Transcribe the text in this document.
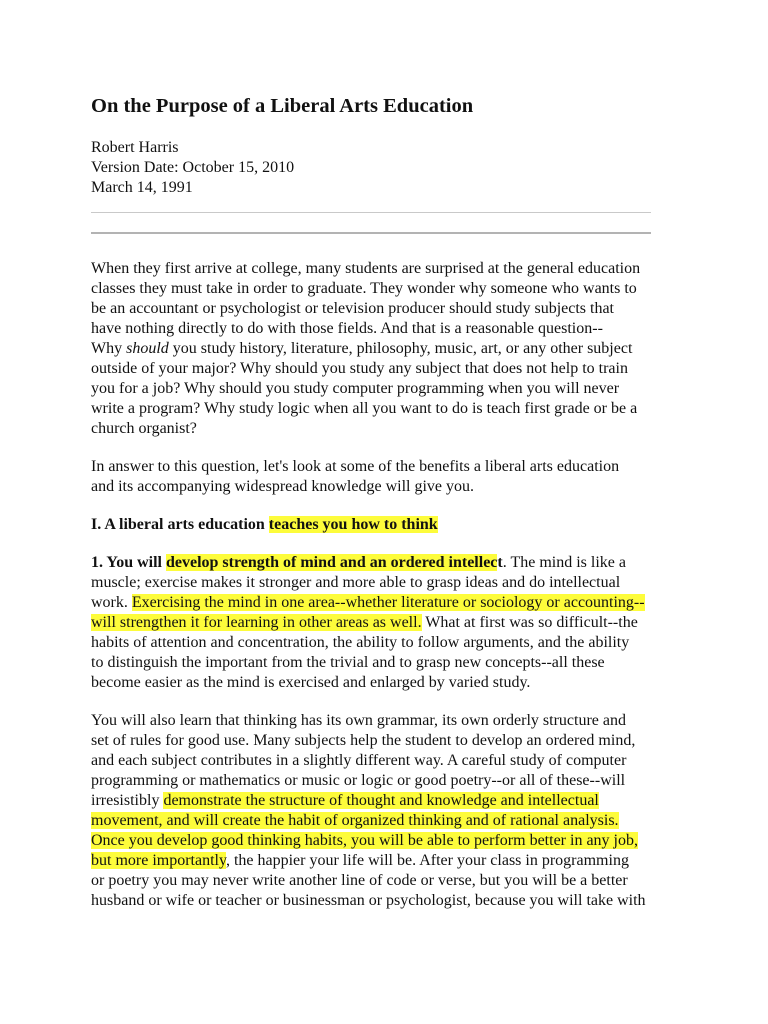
On the Purpose of a Liberal Arts Education
Robert Harris
Version Date: October 15, 2010
March 14, 1991
When they first arrive at college, many students are surprised at the general education
classes they must take in order to graduate. They wonder why someone who wants to
be an accountant or psychologist or television producer should study subjects that
have nothing directly to do with those fields. And that is a reasonable question--
Why should you study history, literature, philosophy, music, art, or any other subject
outside of your major? Why should you study any subject that does not help to train
you for a job? Why should you study computer programming when you will never
write a program? Why study logic when all you want to do is teach first grade or be a
church organist?
In answer to this question, let's look at some of the benefits a liberal arts education
and its accompanying widespread knowledge will give you.
I. A liberal arts education teaches you how to think
1. You will develop strength of mind and an ordered intellect. The mind is like a
muscle; exercise makes it stronger and more able to grasp ideas and do intellectual
work. Exercising the mind in one area--whether literature or sociology or accounting--
will strengthen it for learning in other areas as well. What at first was so difficult--the
habits of attention and concentration, the ability to follow arguments, and the ability
to distinguish the important from the trivial and to grasp new concepts--all these
become easier as the mind is exercised and enlarged by varied study.
You will also learn that thinking has its own grammar, its own orderly structure and
set of rules for good use. Many subjects help the student to develop an ordered mind,
and each subject contributes in a slightly different way. A careful study of computer
programming or mathematics or music or logic or good poetry--or all of these--will
irresistibly demonstrate the structure of thought and knowledge and intellectual
movement, and will create the habit of organized thinking and of rational analysis.
Once you develop good thinking habits, you will be able to perform better in any job,
but more importantly, the happier your life will be. After your class in programming
or poetry you may never write another line of code or verse, but you will be a better
husband or wife or teacher or businessman or psychologist, because you will take with
